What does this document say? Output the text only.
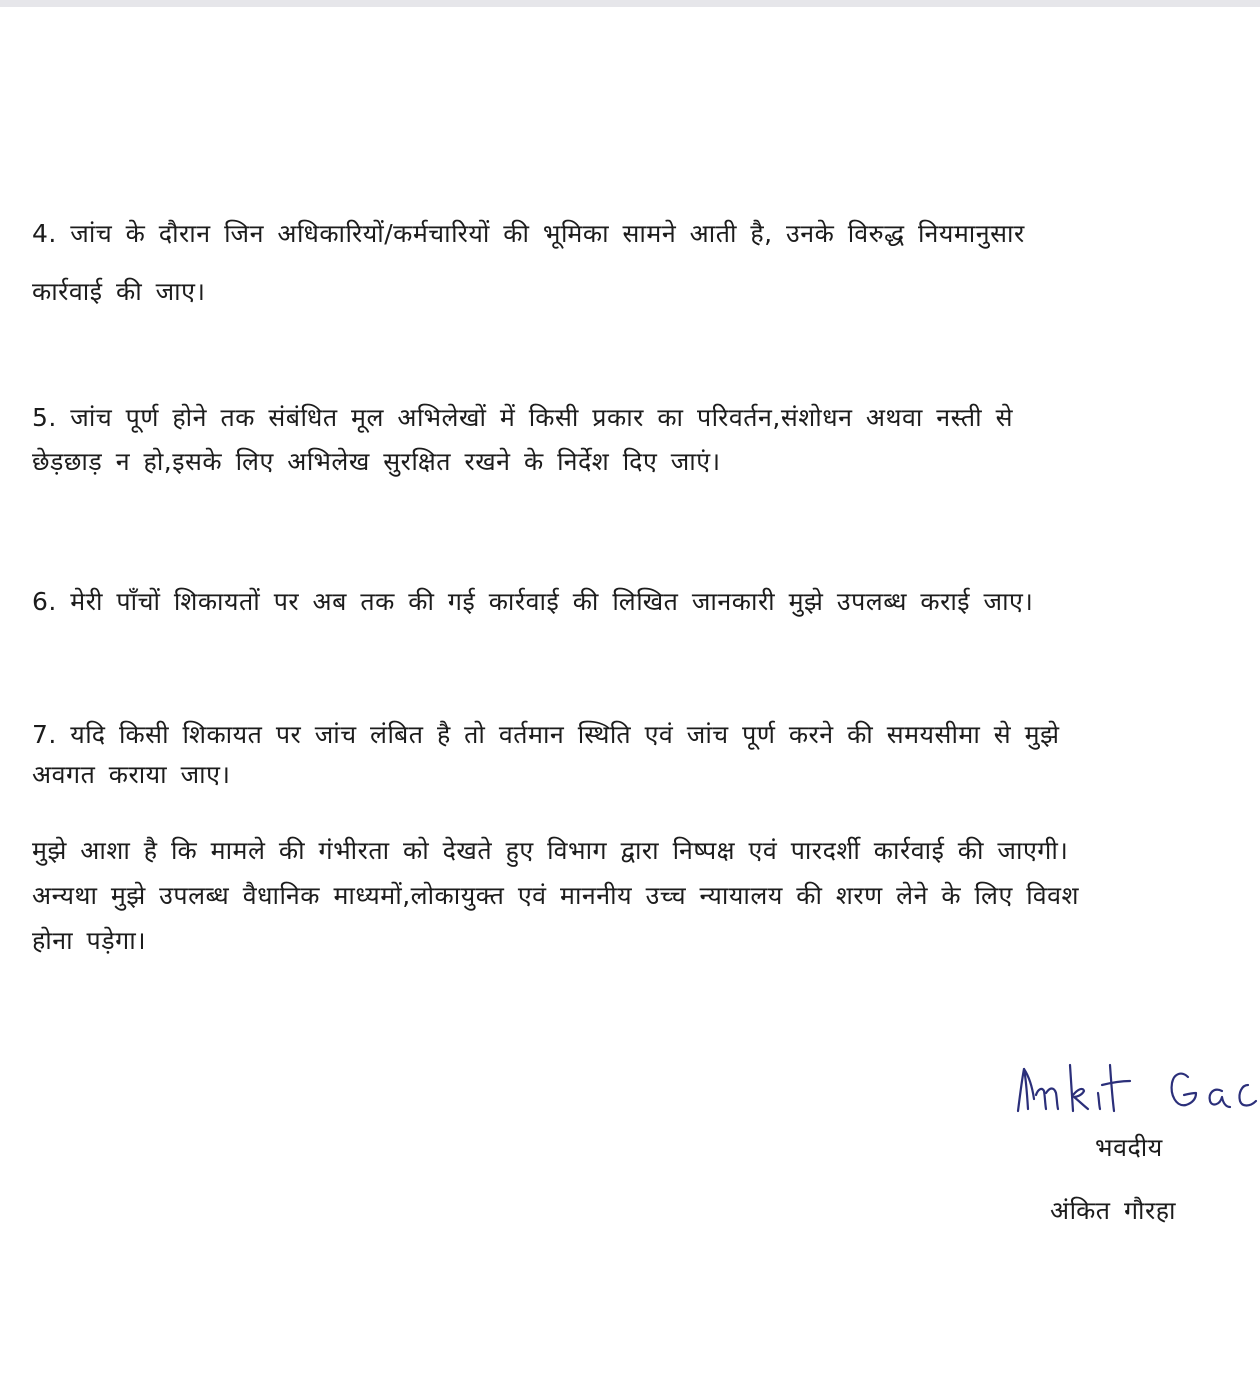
4. जांच के दौरान जिन अधिकारियों/कर्मचारियों की भूमिका सामने आती है, उनके विरुद्ध नियमानुसार
कार्रवाई की जाए।

5. जांच पूर्ण होने तक संबंधित मूल अभिलेखों में किसी प्रकार का परिवर्तन,संशोधन अथवा नस्ती से
छेड़छाड़ न हो,इसके लिए अभिलेख सुरक्षित रखने के निर्देश दिए जाएं।

6. मेरी पाँचों शिकायतों पर अब तक की गई कार्रवाई की लिखित जानकारी मुझे उपलब्ध कराई जाए।

7. यदि किसी शिकायत पर जांच लंबित है तो वर्तमान स्थिति एवं जांच पूर्ण करने की समयसीमा से मुझे
अवगत कराया जाए।

मुझे आशा है कि मामले की गंभीरता को देखते हुए विभाग द्वारा निष्पक्ष एवं पारदर्शी कार्रवाई की जाएगी।
अन्यथा मुझे उपलब्ध वैधानिक माध्यमों,लोकायुक्त एवं माननीय उच्च न्यायालय की शरण लेने के लिए विवश
होना पड़ेगा।

भवदीय

अंकित गौरहा
